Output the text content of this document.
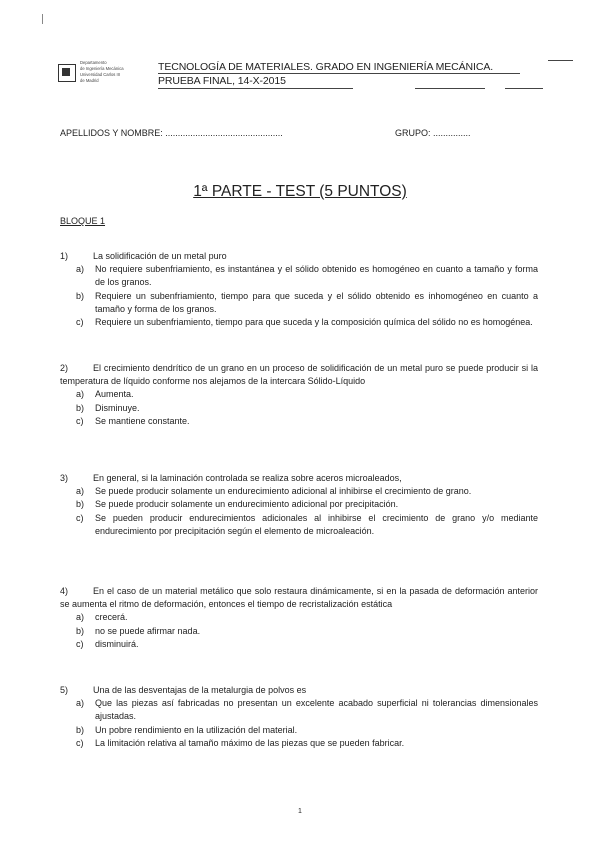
Departamento
de Ingeniería Mecánica
Universidad Carlos III
de Madrid
TECNOLOGÍA DE MATERIALES. GRADO EN INGENIERÍA MECÁNICA.
PRUEBA FINAL, 14-X-2015
APELLIDOS Y NOMBRE: ...............................................	GRUPO: ...............
1ª PARTE - TEST (5 PUNTOS)
BLOQUE 1
1)	La solidificación de un metal puro
a) No requiere subenfriamiento, es instantánea y el sólido obtenido es homogéneo en cuanto a tamaño y forma de los granos.
b) Requiere un subenfriamiento, tiempo para que suceda y el sólido obtenido es inhomogéneo en cuanto a tamaño y forma de los granos.
c) Requiere un subenfriamiento, tiempo para que suceda y la composición química del sólido no es homogénea.
2)	El crecimiento dendrítico de un grano en un proceso de solidificación de un metal puro se puede producir si la temperatura de líquido conforme nos alejamos de la intercara Sólido-Líquido
a) Aumenta.
b) Disminuye.
c) Se mantiene constante.
3)	En general, si la laminación controlada se realiza sobre aceros microaleados,
a) Se puede producir solamente un endurecimiento adicional al inhibirse el crecimiento de grano.
b) Se puede producir solamente un endurecimiento adicional por precipitación.
c) Se pueden producir endurecimientos adicionales al inhibirse el crecimiento de grano y/o mediante endurecimiento por precipitación según el elemento de microaleación.
4)	En el caso de un material metálico que solo restaura dinámicamente, si en la pasada de deformación anterior se aumenta el ritmo de deformación, entonces el tiempo de recristalización estática
a) crecerá.
b) no se puede afirmar nada.
c) disminuirá.
5)	Una de las desventajas de la metalurgia de polvos es
a) Que las piezas así fabricadas no presentan un excelente acabado superficial ni tolerancias dimensionales ajustadas.
b) Un pobre rendimiento en la utilización del material.
c) La limitación relativa al tamaño máximo de las piezas que se pueden fabricar.
1
